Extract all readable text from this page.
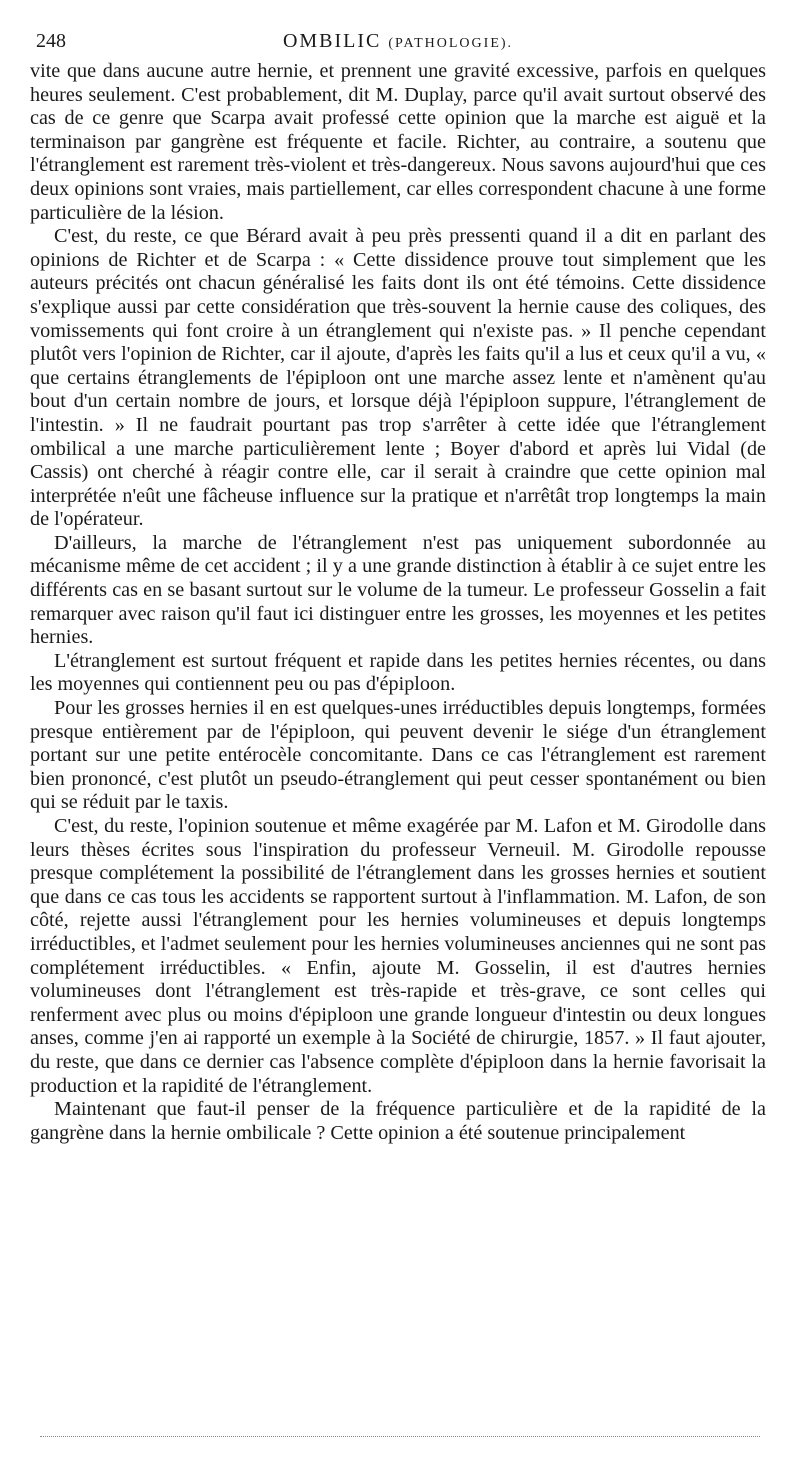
248	OMBILIC (PATHOLOGIE).

vite que dans aucune autre hernie, et prennent une gravité excessive, parfois en quelques heures seulement. C'est probablement, dit M. Duplay, parce qu'il avait surtout observé des cas de ce genre que Scarpa avait professé cette opinion que la marche est aiguë et la terminaison par gangrène est fréquente et facile. Richter, au contraire, a soutenu que l'étranglement est rarement très-violent et très-dangereux. Nous savons aujourd'hui que ces deux opinions sont vraies, mais partiellement, car elles correspondent chacune à une forme particulière de la lésion.

C'est, du reste, ce que Bérard avait à peu près pressenti quand il a dit en parlant des opinions de Richter et de Scarpa : « Cette dissidence prouve tout simplement que les auteurs précités ont chacun généralisé les faits dont ils ont été témoins. Cette dissidence s'explique aussi par cette considération que très-souvent la hernie cause des coliques, des vomissements qui font croire à un étranglement qui n'existe pas. » Il penche cependant plutôt vers l'opinion de Richter, car il ajoute, d'après les faits qu'il a lus et ceux qu'il a vu, « que certains étranglements de l'épiploon ont une marche assez lente et n'amènent qu'au bout d'un certain nombre de jours, et lorsque déjà l'épiploon suppure, l'étranglement de l'intestin. » Il ne faudrait pourtant pas trop s'arrêter à cette idée que l'étranglement ombilical a une marche particulièrement lente ; Boyer d'abord et après lui Vidal (de Cassis) ont cherché à réagir contre elle, car il serait à craindre que cette opinion mal interprétée n'eût une fâcheuse influence sur la pratique et n'arrêtât trop longtemps la main de l'opérateur.

D'ailleurs, la marche de l'étranglement n'est pas uniquement subordonnée au mécanisme même de cet accident ; il y a une grande distinction à établir à ce sujet entre les différents cas en se basant surtout sur le volume de la tumeur. Le professeur Gosselin a fait remarquer avec raison qu'il faut ici distinguer entre les grosses, les moyennes et les petites hernies.

L'étranglement est surtout fréquent et rapide dans les petites hernies récentes, ou dans les moyennes qui contiennent peu ou pas d'épiploon.

Pour les grosses hernies il en est quelques-unes irréductibles depuis longtemps, formées presque entièrement par de l'épiploon, qui peuvent devenir le siége d'un étranglement portant sur une petite entérocèle concomitante. Dans ce cas l'étranglement est rarement bien prononcé, c'est plutôt un pseudo-étranglement qui peut cesser spontanément ou bien qui se réduit par le taxis.

C'est, du reste, l'opinion soutenue et même exagérée par M. Lafon et M. Girodolle dans leurs thèses écrites sous l'inspiration du professeur Verneuil. M. Girodolle repousse presque complétement la possibilité de l'étranglement dans les grosses hernies et soutient que dans ce cas tous les accidents se rapportent surtout à l'inflammation. M. Lafon, de son côté, rejette aussi l'étranglement pour les hernies volumineuses et depuis longtemps irréductibles, et l'admet seulement pour les hernies volumineuses anciennes qui ne sont pas complétement irréductibles. « Enfin, ajoute M. Gosselin, il est d'autres hernies volumineuses dont l'étranglement est très-rapide et très-grave, ce sont celles qui renferment avec plus ou moins d'épiploon une grande longueur d'intestin ou deux longues anses, comme j'en ai rapporté un exemple à la Société de chirurgie, 1857. » Il faut ajouter, du reste, que dans ce dernier cas l'absence complète d'épiploon dans la hernie favorisait la production et la rapidité de l'étranglement.

Maintenant que faut-il penser de la fréquence particulière et de la rapidité de la gangrène dans la hernie ombilicale ? Cette opinion a été soutenue principalement
